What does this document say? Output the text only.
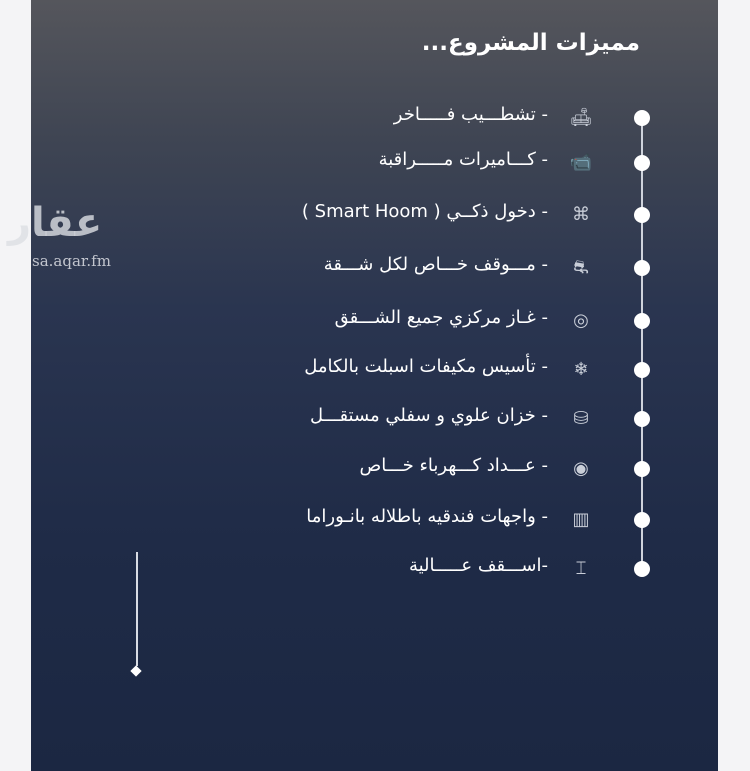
مميزات المشروع...
🛋
- تشطـــيب فـــــاخر
📹
- كـــاميرات مـــــراقبة
⌘
- دخول ذكــي ( Smart Hoom )
⛐
- مـــوقف خـــاص لكل شـــقة
◎
- غـاز مركزي جميع الشـــقق
❄
- تأسيس مكيفات اسبلت بالكامل
⛁
- خزان علوي و سفلي مستقـــل
◉
- عـــداد كـــهرباء خـــاص
▥
- واجهات فندقيه باطلاله بانـوراما
⌶
-اســـقف عـــــالية
عقار
sa.aqar.fm
